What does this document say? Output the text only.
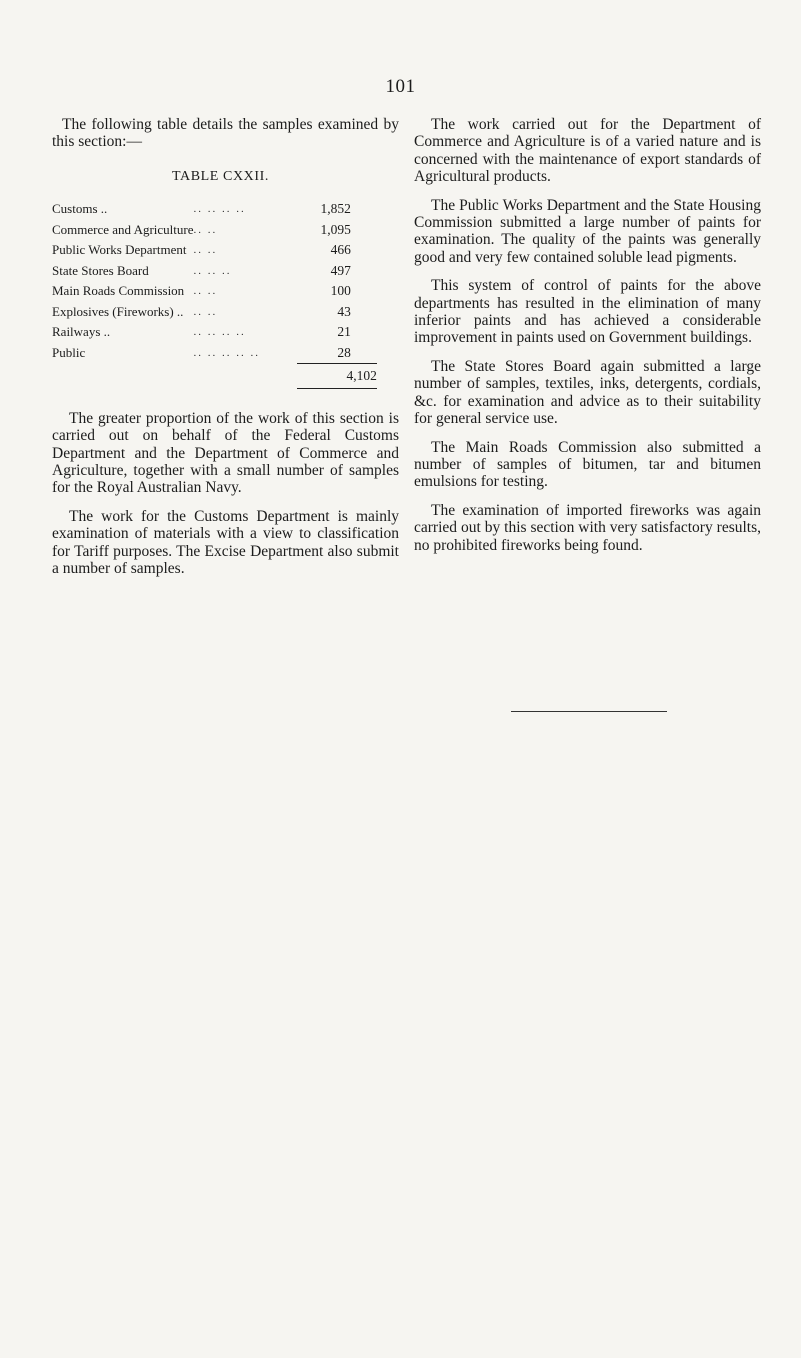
101

The following table details the samples examined by this section:—

TABLE CXXII.
Customs ..	.. .. .. ..	1,852	
Commerce and Agriculture	.. ..	1,095	
Public Works Department	.. ..	466	
State Stores Board	.. .. ..	497	
Main Roads Commission	.. ..	100	
Explosives (Fireworks) ..	.. ..	43	
Railways ..	.. .. .. ..	21	
Public	.. .. .. .. ..	28	
		4,102	

The greater proportion of the work of this section is carried out on behalf of the Federal Customs Department and the Department of Commerce and Agriculture, together with a small number of samples for the Royal Australian Navy.

The work for the Customs Department is mainly examination of materials with a view to classification for Tariff purposes. The Excise Department also submit a number of samples.

The work carried out for the Department of Commerce and Agriculture is of a varied nature and is concerned with the maintenance of export standards of Agricultural products.

The Public Works Department and the State Housing Commission submitted a large number of paints for examination. The quality of the paints was generally good and very few contained soluble lead pigments.

This system of control of paints for the above departments has resulted in the elimination of many inferior paints and has achieved a considerable improvement in paints used on Government buildings.

The State Stores Board again submitted a large number of samples, textiles, inks, detergents, cordials, &c. for examination and advice as to their suitability for general service use.

The Main Roads Commission also submitted a number of samples of bitumen, tar and bitumen emulsions for testing.

The examination of imported fireworks was again carried out by this section with very satisfactory results, no prohibited fireworks being found.
